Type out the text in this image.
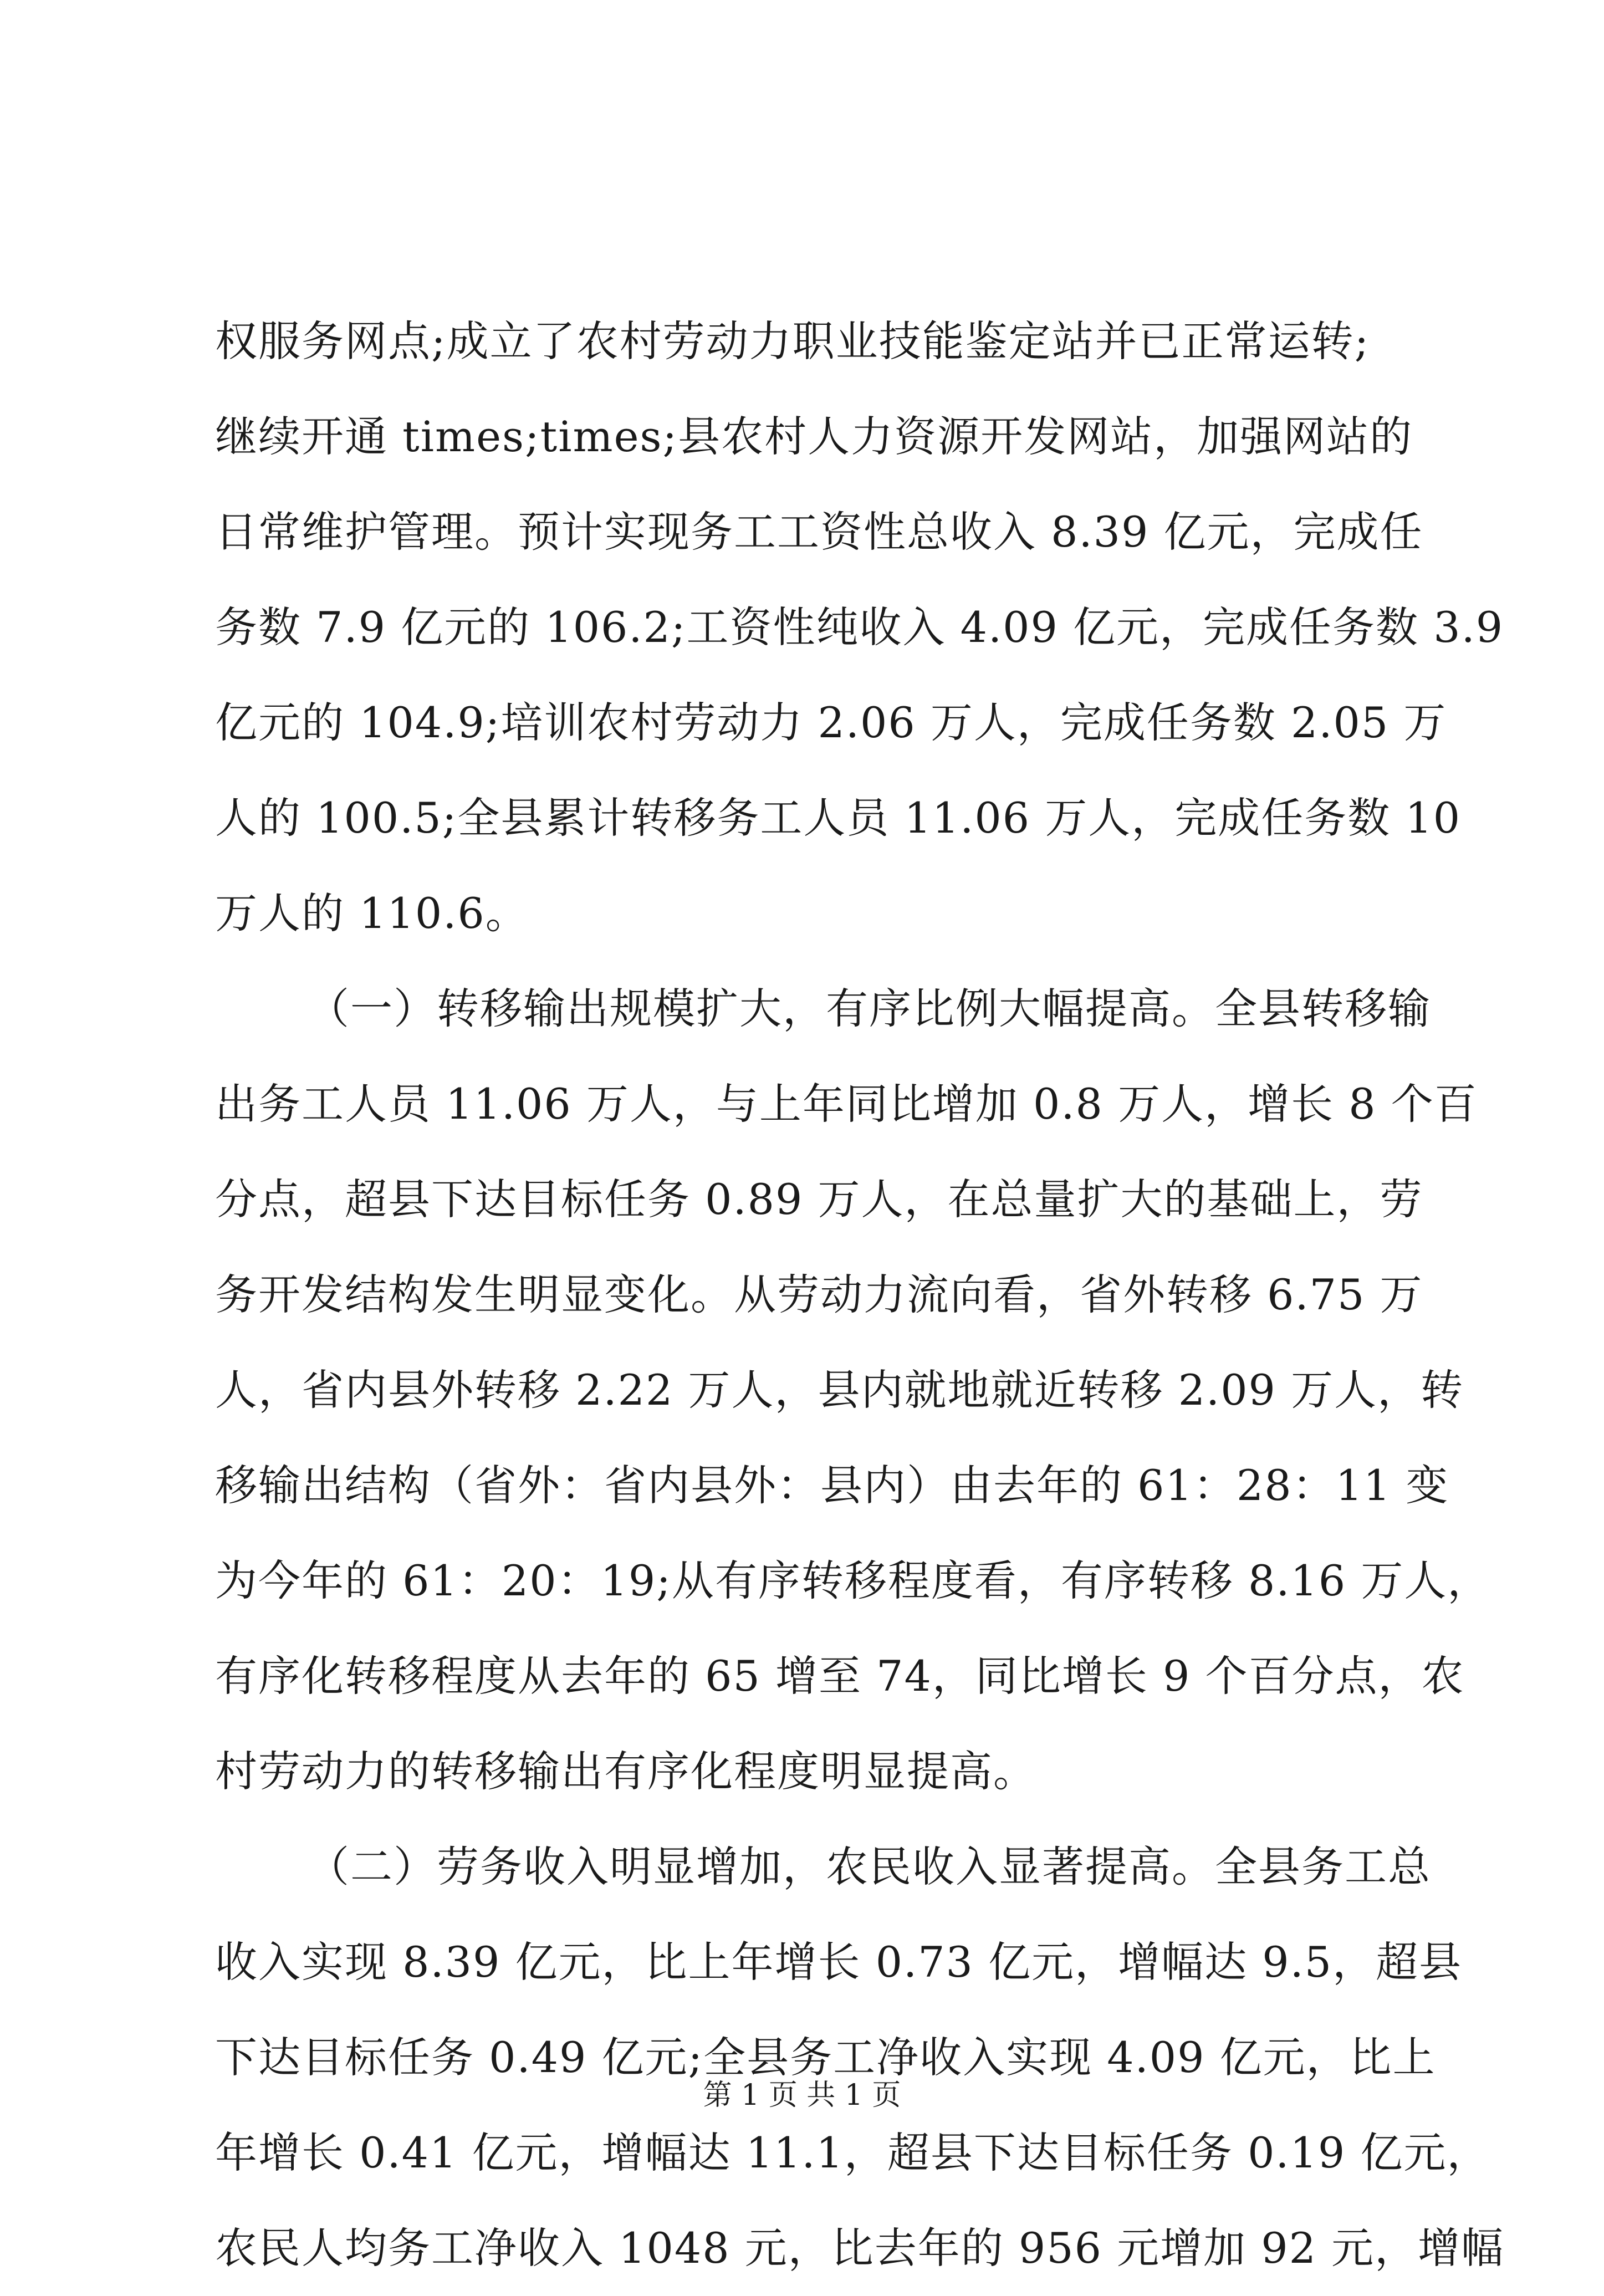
权服务网点;成立了农村劳动力职业技能鉴定站并已正常运转;
继续开通 times;times;县农村人力资源开发网站，加强网站的
日常维护管理。预计实现务工工资性总收入 8.39 亿元，完成任
务数 7.9 亿元的 106.2;工资性纯收入 4.09 亿元，完成任务数 3.9
亿元的 104.9;培训农村劳动力 2.06 万人，完成任务数 2.05 万
人的 100.5;全县累计转移务工人员 11.06 万人，完成任务数 10
万人的 110.6。
（一）转移输出规模扩大，有序比例大幅提高。全县转移输
出务工人员 11.06 万人，与上年同比增加 0.8 万人，增长 8 个百
分点，超县下达目标任务 0.89 万人，在总量扩大的基础上，劳
务开发结构发生明显变化。从劳动力流向看，省外转移 6.75 万
人，省内县外转移 2.22 万人，县内就地就近转移 2.09 万人，转
移输出结构（省外：省内县外：县内）由去年的 61：28：11 变
为今年的 61：20：19;从有序转移程度看，有序转移 8.16 万人，
有序化转移程度从去年的 65 增至 74，同比增长 9 个百分点，农
村劳动力的转移输出有序化程度明显提高。
（二）劳务收入明显增加，农民收入显著提高。全县务工总
收入实现 8.39 亿元，比上年增长 0.73 亿元，增幅达 9.5，超县
下达目标任务 0.49 亿元;全县务工净收入实现 4.09 亿元，比上
年增长 0.41 亿元，增幅达 11.1，超县下达目标任务 0.19 亿元，
农民人均务工净收入 1048 元，比去年的 956 元增加 92 元，增幅
第 1 页 共 1 页
